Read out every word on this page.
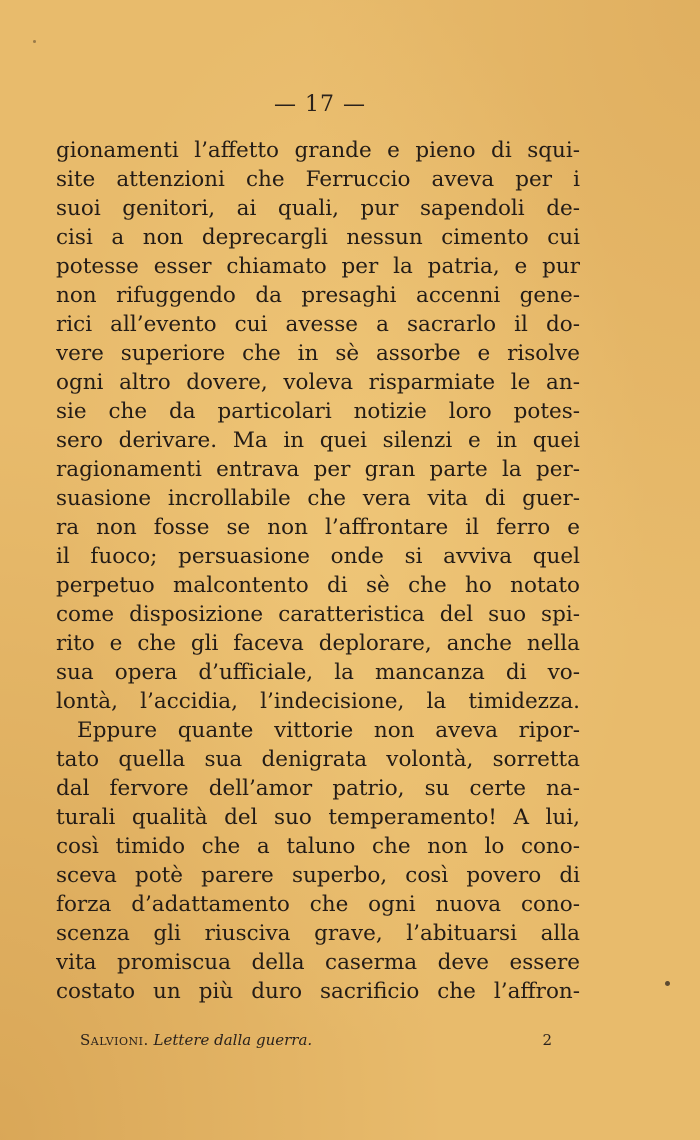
— 17 —
gionamenti l’affetto grande e pieno di squi-
site attenzioni che Ferruccio aveva per i
suoi genitori, ai quali, pur sapendoli de-
cisi a non deprecargli nessun cimento cui
potesse esser chiamato per la patria, e pur
non rifuggendo da presaghi accenni gene-
rici all’evento cui avesse a sacrarlo il do-
vere superiore che in sè assorbe e risolve
ogni altro dovere, voleva risparmiate le an-
sie che da particolari notizie loro potes-
sero derivare. Ma in quei silenzi e in quei
ragionamenti entrava per gran parte la per-
suasione incrollabile che vera vita di guer-
ra non fosse se non l’affrontare il ferro e
il fuoco; persuasione onde si avviva quel
perpetuo malcontento di sè che ho notato
come disposizione caratteristica del suo spi-
rito e che gli faceva deplorare, anche nella
sua opera d’ufficiale, la mancanza di vo-
lontà, l’accidia, l’indecisione, la timidezza.
Eppure quante vittorie non aveva ripor-
tato quella sua denigrata volontà, sorretta
dal fervore dell’amor patrio, su certe na-
turali qualità del suo temperamento! A lui,
così timido che a taluno che non lo cono-
sceva potè parere superbo, così povero di
forza d’adattamento che ogni nuova cono-
scenza gli riusciva grave, l’abituarsi alla
vita promiscua della caserma deve essere
costato un più duro sacrificio che l’affron-
Salvioni. Lettere dalla guerra.	2
